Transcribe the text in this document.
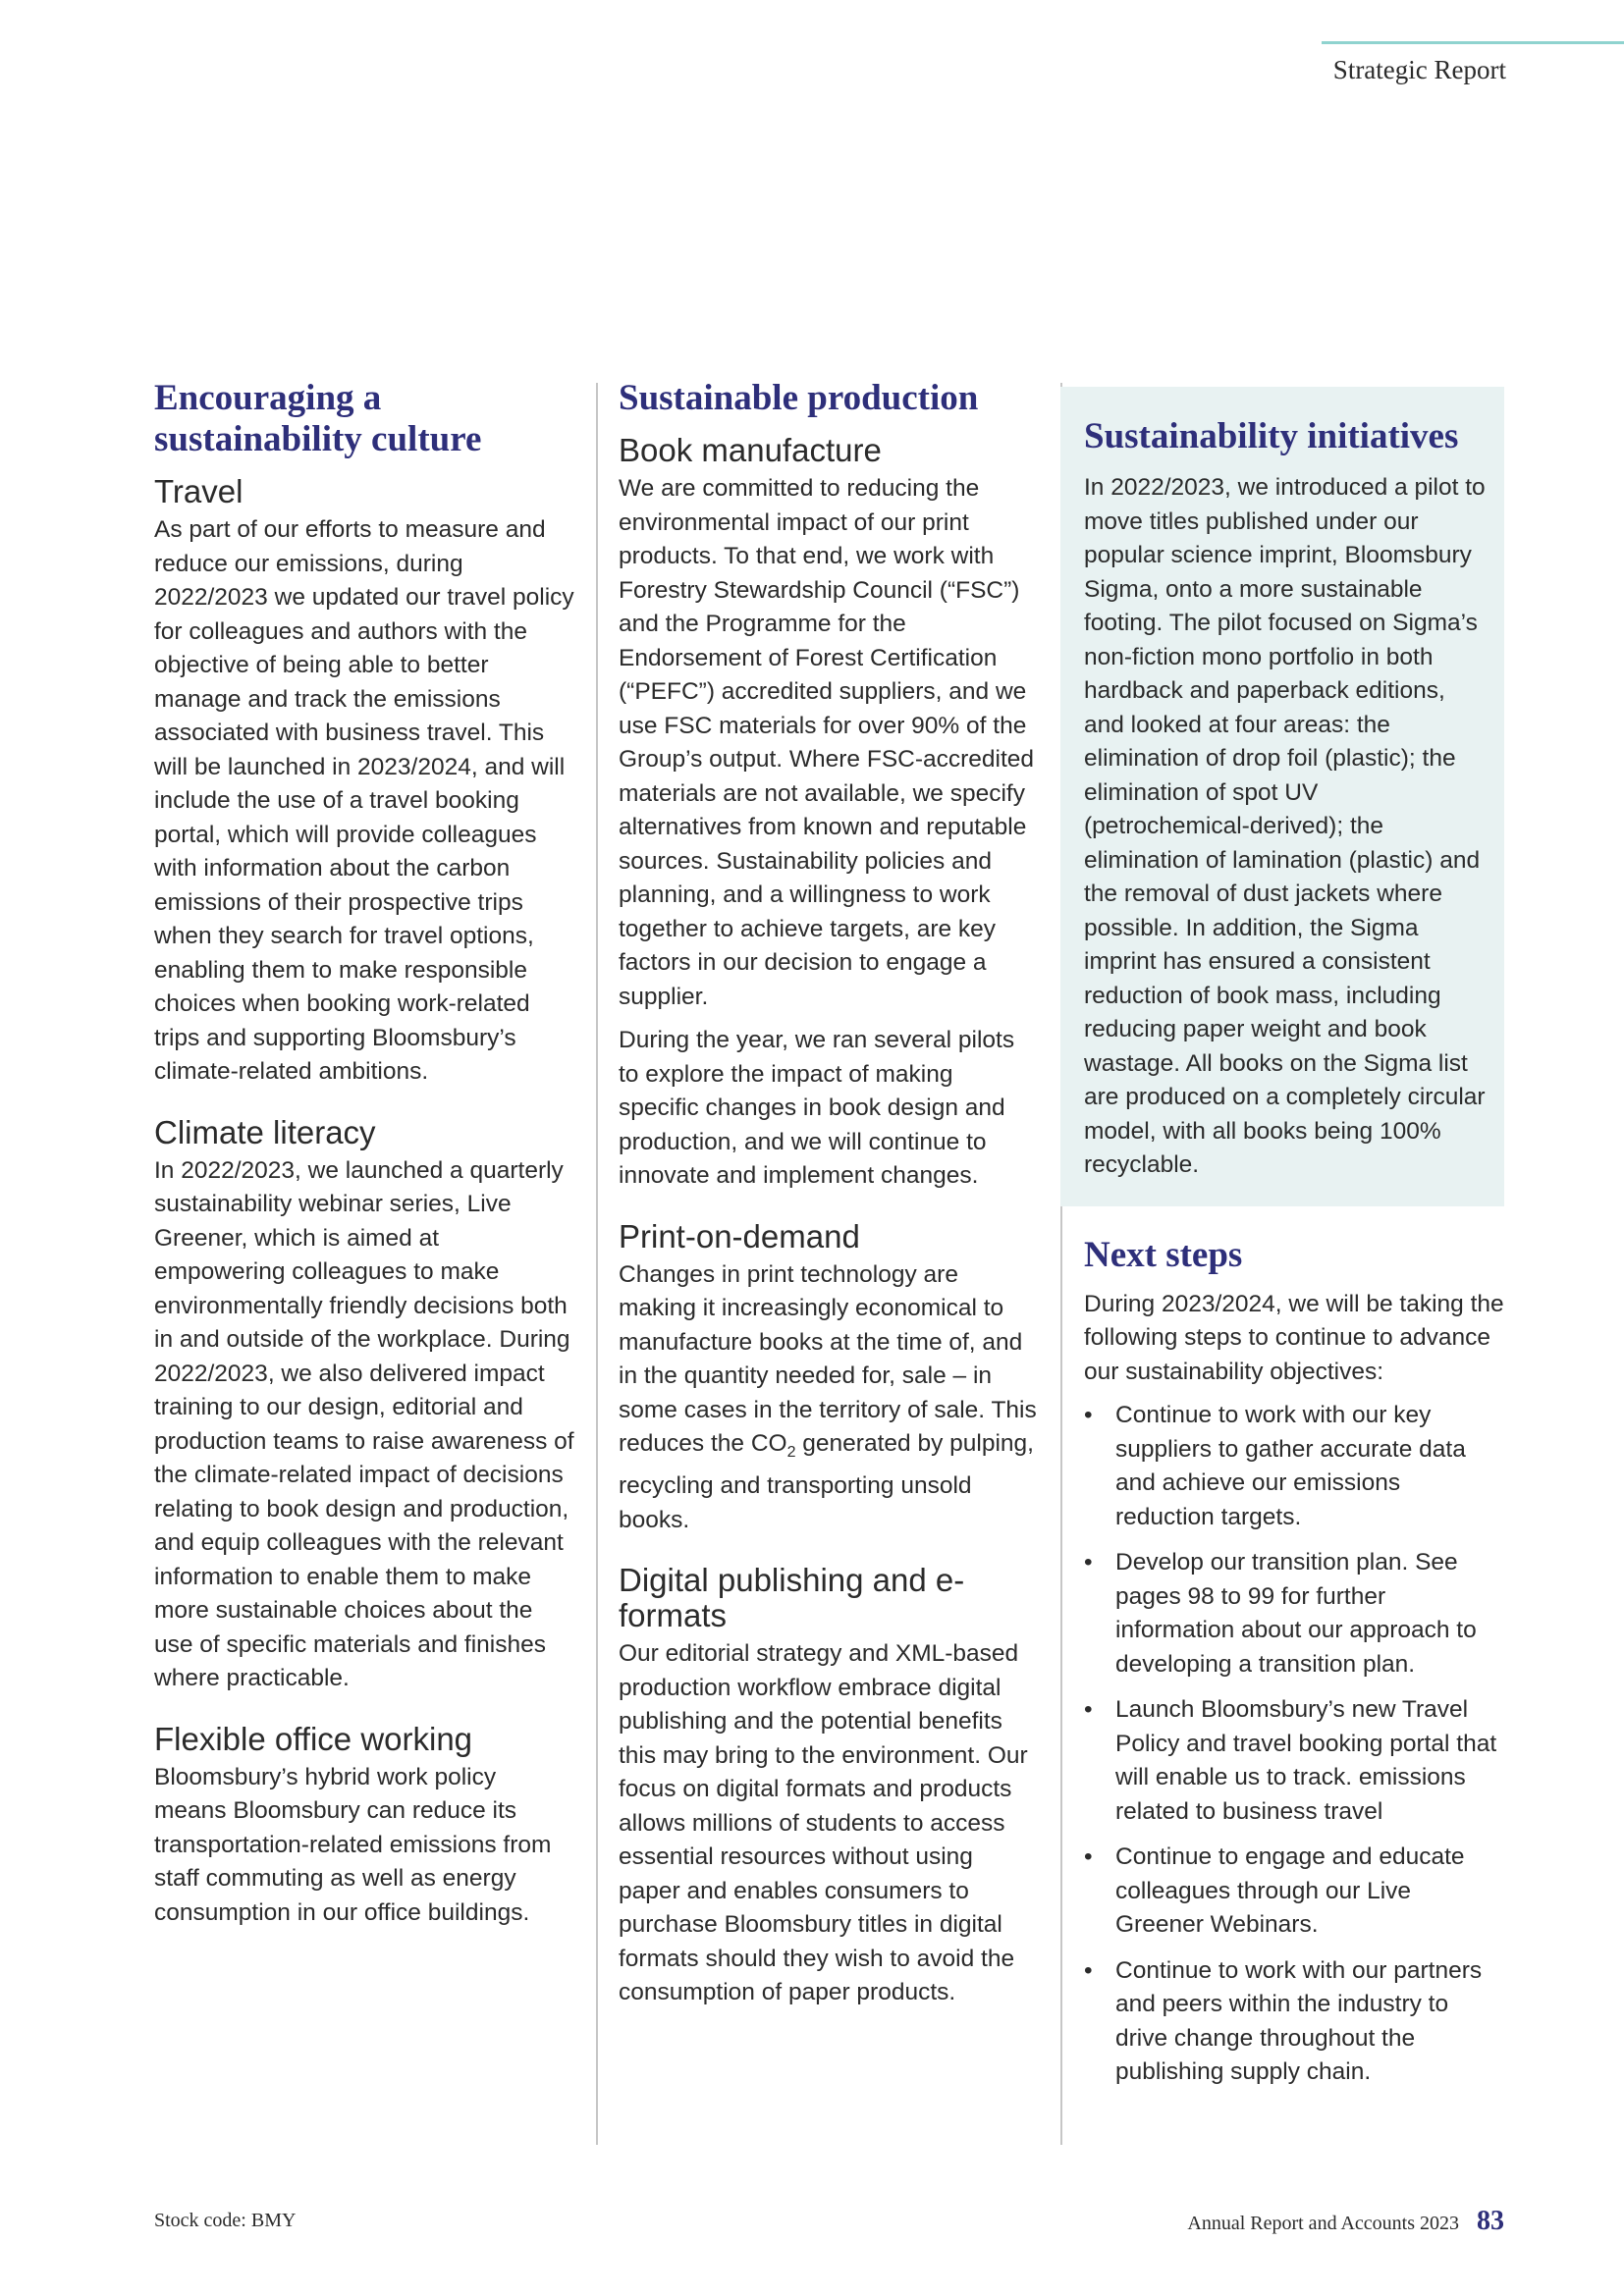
Strategic Report
Encouraging a sustainability culture
Travel

As part of our efforts to measure and reduce our emissions, during 2022/2023 we updated our travel policy for colleagues and authors with the objective of being able to better manage and track the emissions associated with business travel. This will be launched in 2023/2024, and will include the use of a travel booking portal, which will provide colleagues with information about the carbon emissions of their prospective trips when they search for travel options, enabling them to make responsible choices when booking work-related trips and supporting Bloomsbury’s climate-related ambitions.

Climate literacy

In 2022/2023, we launched a quarterly sustainability webinar series, Live Greener, which is aimed at empowering colleagues to make environmentally friendly decisions both in and outside of the workplace. During 2022/2023, we also delivered impact training to our design, editorial and production teams to raise awareness of the climate-related impact of decisions relating to book design and production, and equip colleagues with the relevant information to enable them to make more sustainable choices about the use of specific materials and finishes where practicable.

Flexible office working

Bloomsbury’s hybrid work policy means Bloomsbury can reduce its transportation-related emissions from staff commuting as well as energy consumption in our office buildings.

Sustainable production
Book manufacture

We are committed to reducing the environmental impact of our print products. To that end, we work with Forestry Stewardship Council (“FSC”) and the Programme for the Endorsement of Forest Certification (“PEFC”) accredited suppliers, and we use FSC materials for over 90% of the Group’s output. Where FSC-accredited materials are not available, we specify alternatives from known and reputable sources. Sustainability policies and planning, and a willingness to work together to achieve targets, are key factors in our decision to engage a supplier.

During the year, we ran several pilots to explore the impact of making specific changes in book design and production, and we will continue to innovate and implement changes.

Print-on-demand

Changes in print technology are making it increasingly economical to manufacture books at the time of, and in the quantity needed for, sale – in some cases in the territory of sale. This reduces the $CO_2$ generated by pulping, recycling and transporting unsold books.

Digital publishing and e-formats

Our editorial strategy and XML-based production workflow embrace digital publishing and the potential benefits this may bring to the environment. Our focus on digital formats and products allows millions of students to access essential resources without using paper and enables consumers to purchase Bloomsbury titles in digital formats should they wish to avoid the consumption of paper products.

Sustainability initiatives

In 2022/2023, we introduced a pilot to move titles published under our popular science imprint, Bloomsbury Sigma, onto a more sustainable footing. The pilot focused on Sigma’s non-fiction mono portfolio in both hardback and paperback editions, and looked at four areas: the elimination of drop foil (plastic); the elimination of spot UV (petrochemical-derived); the elimination of lamination (plastic) and the removal of dust jackets where possible. In addition, the Sigma imprint has ensured a consistent reduction of book mass, including reducing paper weight and book wastage. All books on the Sigma list are produced on a completely circular model, with all books being 100% recyclable.

Next steps

During 2023/2024, we will be taking the following steps to continue to advance our sustainability objectives:

• Continue to work with our key suppliers to gather accurate data and achieve our emissions reduction targets.
• Develop our transition plan. See pages 98 to 99 for further information about our approach to developing a transition plan.
• Launch Bloomsbury’s new Travel Policy and travel booking portal that will enable us to track. emissions related to business travel
• Continue to engage and educate colleagues through our Live Greener Webinars.
• Continue to work with our partners and peers within the industry to drive change throughout the publishing supply chain.
Stock code: BMY	Annual Report and Accounts 2023 83
